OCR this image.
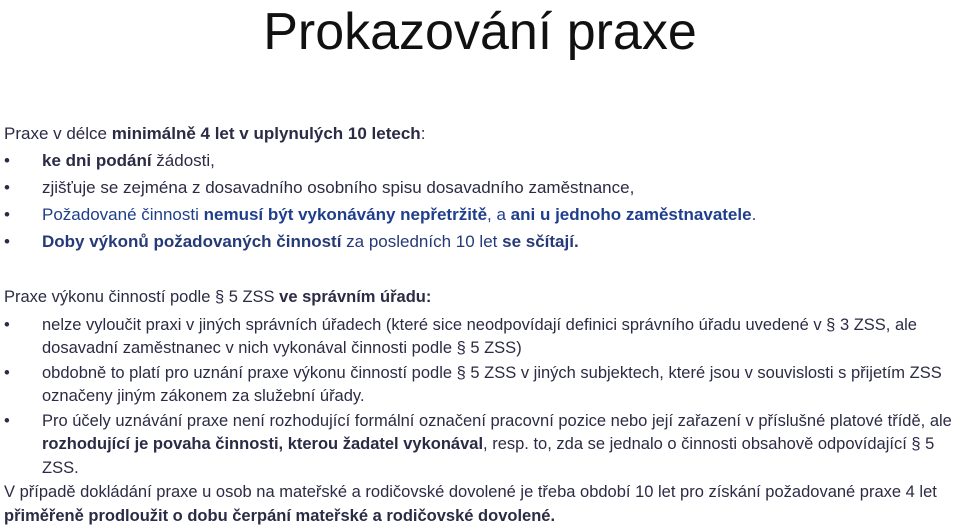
Prokazování praxe

Praxe v délce minimálně 4 let v uplynulých 10 letech:

•	ke dni podání žádosti,
•	zjišťuje se zejména z dosavadního osobního spisu dosavadního zaměstnance,
•	Požadované činnosti nemusí být vykonávány nepřetržitě, a ani u jednoho zaměstnavatele.
•	Doby výkonů požadovaných činností za posledních 10 let se sčítají.

Praxe výkonu činností podle § 5 ZSS ve správním úřadu:

•	nelze vyloučit praxi v jiných správních úřadech (které sice neodpovídají definici správního úřadu uvedené v § 3 ZSS, ale dosavadní zaměstnanec v nich vykonával činnosti podle § 5 ZSS)
•	obdobně to platí pro uznání praxe výkonu činností podle § 5 ZSS v jiných subjektech, které jsou v souvislosti s přijetím ZSS označeny jiným zákonem za služební úřady.
•	Pro účely uznávání praxe není rozhodující formální označení pracovní pozice nebo její zařazení v příslušné platové třídě, ale rozhodující je povaha činnosti, kterou žadatel vykonával, resp. to, zda se jednalo o činnosti obsahově odpovídající § 5 ZSS.

V případě dokládání praxe u osob na mateřské a rodičovské dovolené je třeba období 10 let pro získání požadované praxe 4 let přiměřeně prodloužit o dobu čerpání mateřské a rodičovské dovolené.
